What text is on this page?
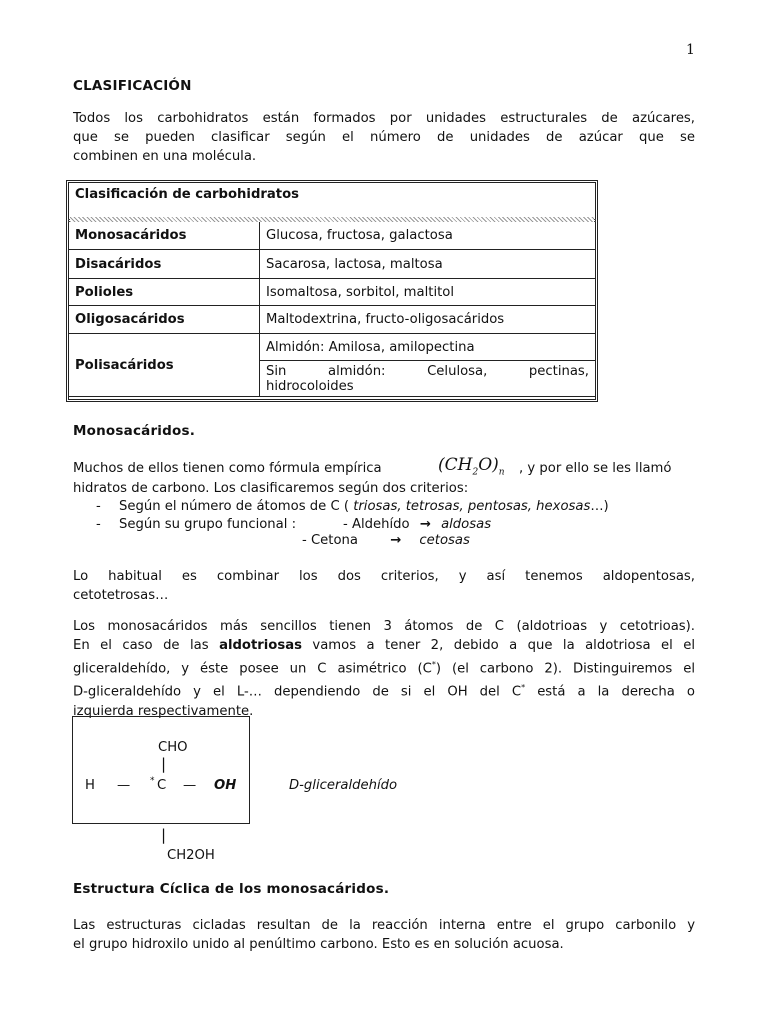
1
CLASIFICACIÓN
Todos los carbohidratos están formados por unidades estructurales de azúcares,
que se pueden clasificar según el número de unidades de azúcar que se
combinen en una molécula.
Clasificación de carbohidratos	
Monosacáridos	Glucosa, fructosa, galactosa
Disacáridos	Sacarosa, lactosa, maltosa
Polioles	Isomaltosa, sorbitol, maltitol
Oligosacáridos	Maltodextrina, fructo-oligosacáridos
Polisacáridos	Almidón: Amilosa, amilopectina

	Sin almidón: Celulosa, pectinas,
hidrocoloides
Monosacáridos.
Muchos de ellos tienen como fórmula empírica	$(CH_2O)_n$ , y por ello se les llamó
hidratos de carbono. Los clasificaremos según dos criterios:
- Según el número de átomos de C ( triosas, tetrosas, pentosas, hexosas…)
- Según su grupo funcional :	- Aldehído → aldosas
- Cetona → cetosas
Lo habitual es combinar los dos criterios, y así tenemos aldopentosas,
cetotetrosas…
Los monosacáridos más sencillos tienen 3 átomos de C (aldotrioas y cetotrioas).
En el caso de las aldotriosas vamos a tener 2, debido a que la aldotriosa el el
gliceraldehído, y éste posee un C asimétrico (C*) (el carbono 2). Distinguiremos el
D-gliceraldehído y el L-… dependiendo de si el OH del C* está a la derecha o
izquierda respectivamente.
CHO
|
H — * C — OH	D-gliceraldehído
|
CH2OH
Estructura Cíclica de los monosacáridos.
Las estructuras cicladas resultan de la reacción interna entre el grupo carbonilo y
el grupo hidroxilo unido al penúltimo carbono. Esto es en solución acuosa.
